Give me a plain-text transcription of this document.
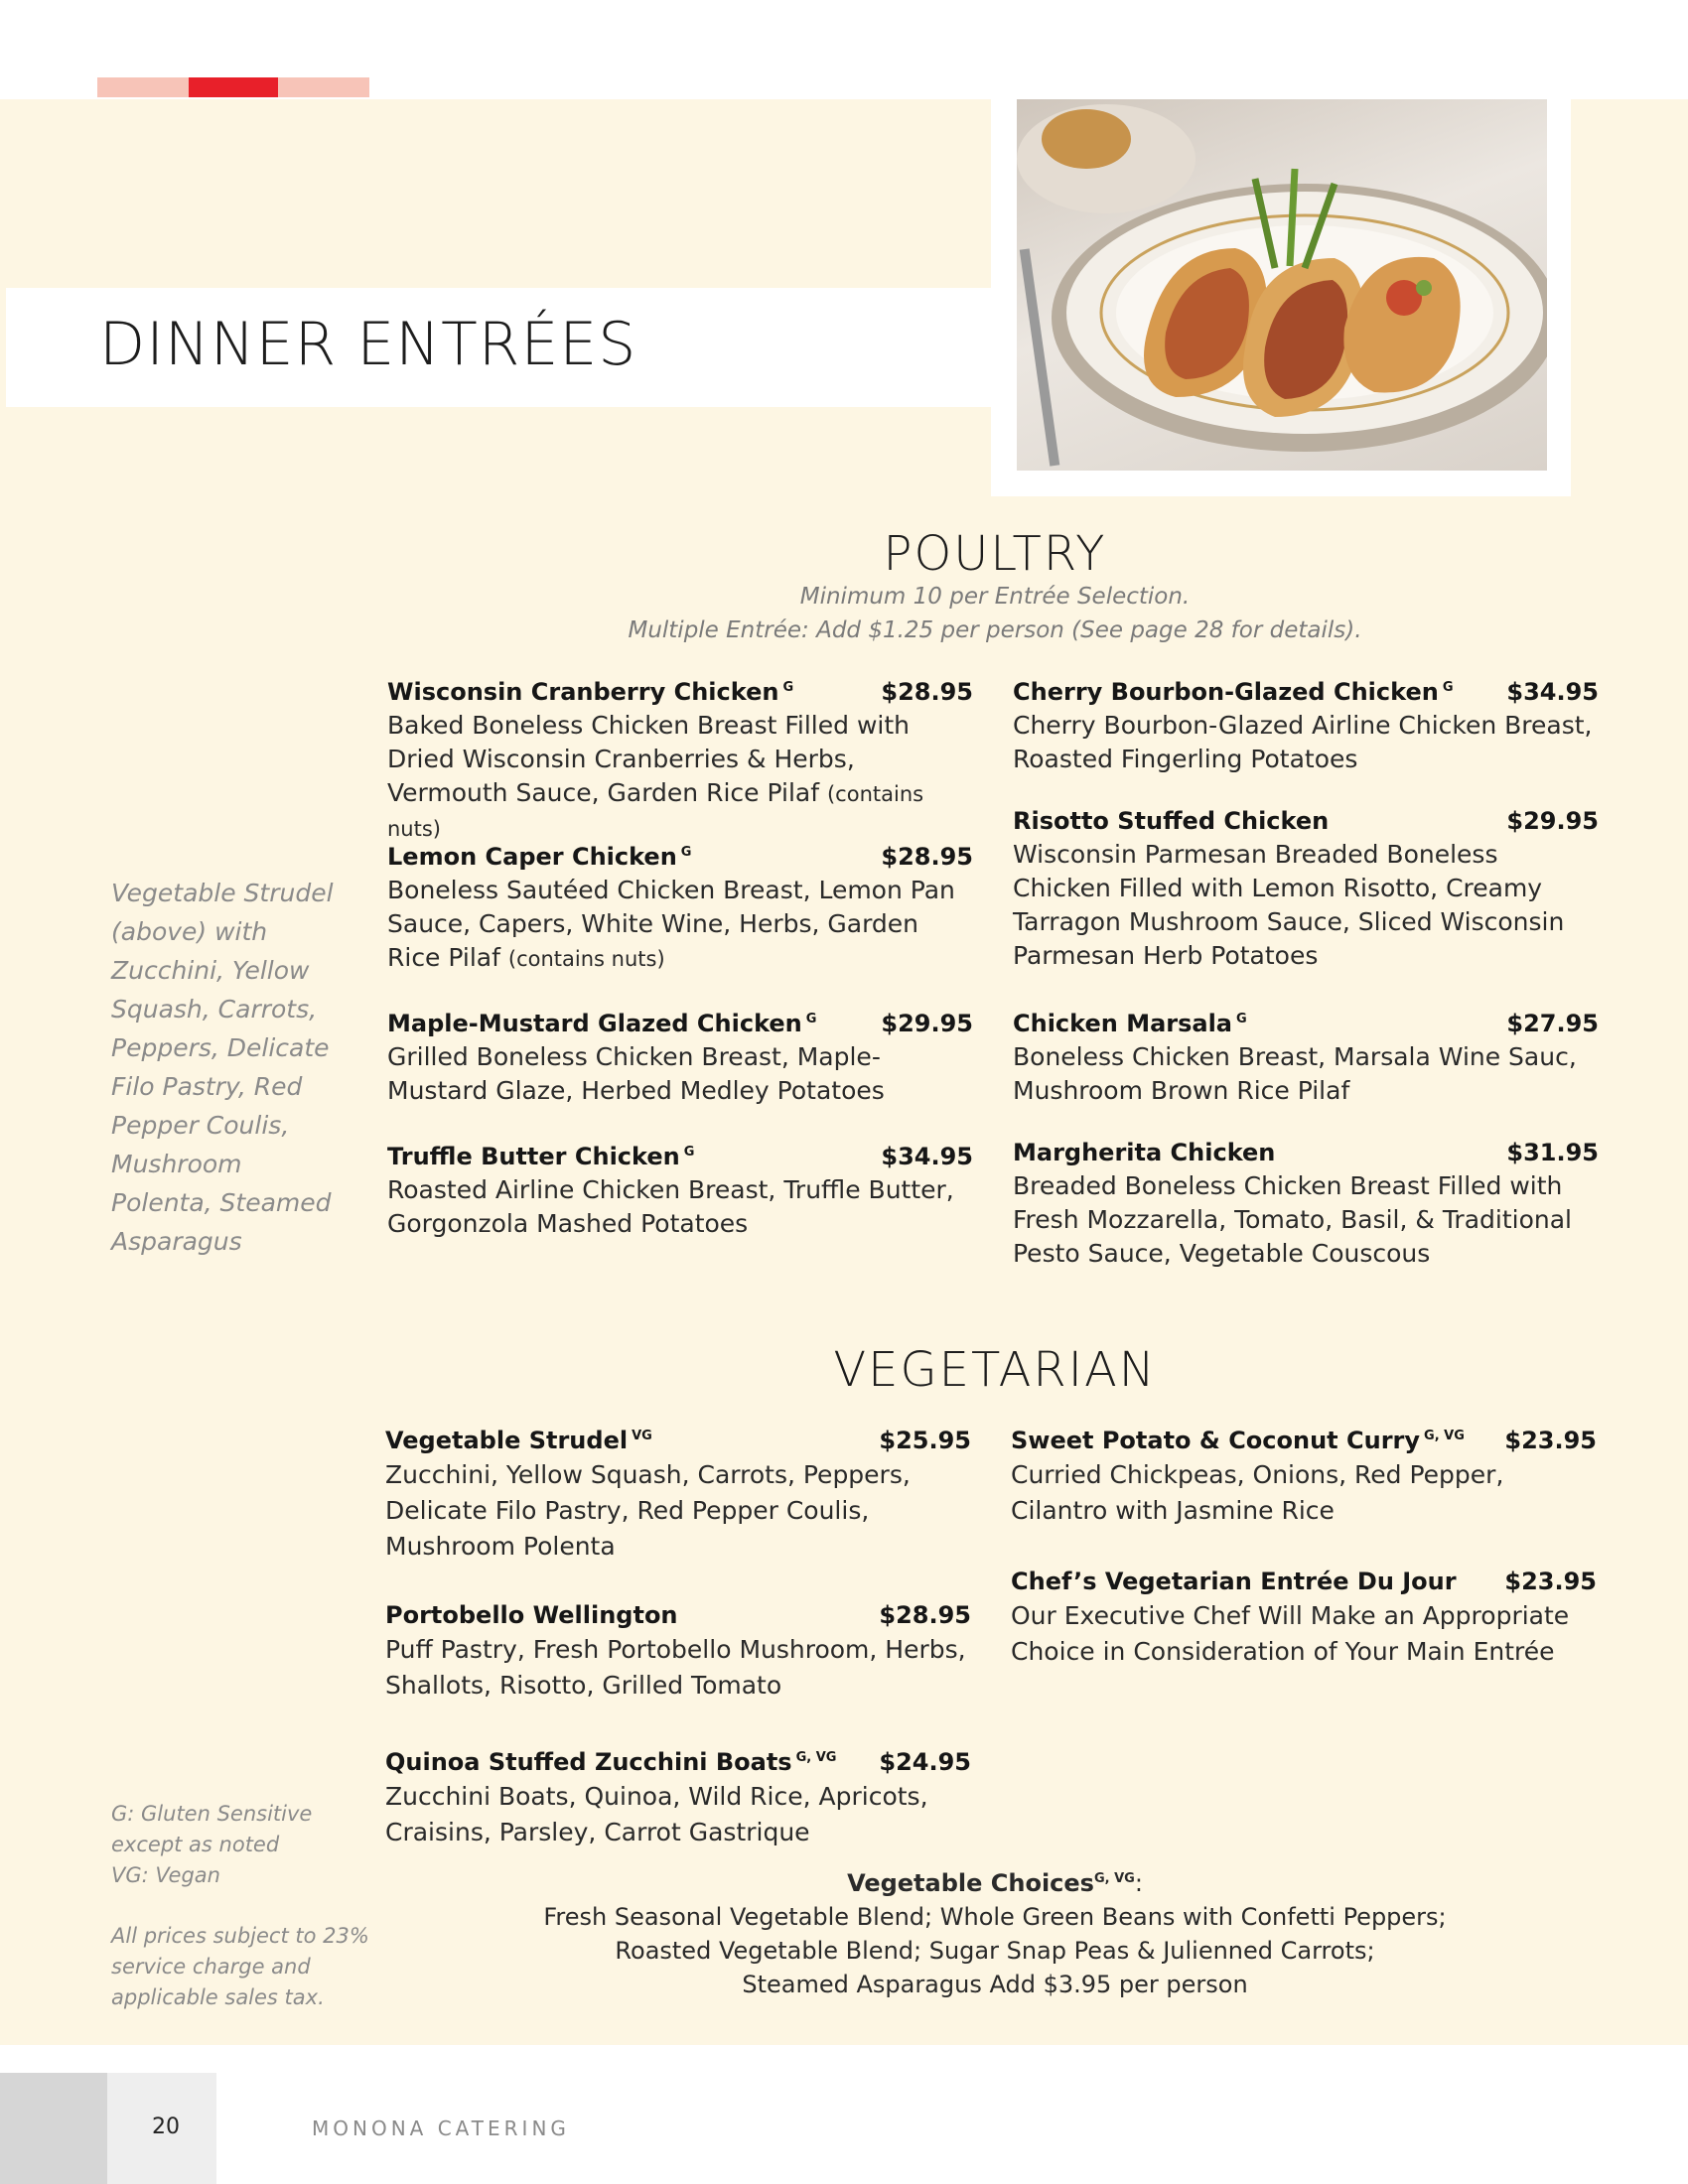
DINNER ENTRÉES
POULTRY
Minimum 10 per Entrée Selection.
Multiple Entrée: Add $1.25 per person (See page 28 for details).
Wisconsin Cranberry Chicken $^G$	$28.95
Baked Boneless Chicken Breast Filled with Dried Wisconsin Cranberries & Herbs, Vermouth Sauce, Garden Rice Pilaf (contains nuts)
Lemon Caper Chicken $^G$	$28.95
Boneless Sautéed Chicken Breast, Lemon Pan Sauce, Capers, White Wine, Herbs, Garden Rice Pilaf (contains nuts)
Maple-Mustard Glazed Chicken $^G$	$29.95
Grilled Boneless Chicken Breast, Maple-Mustard Glaze, Herbed Medley Potatoes
Truffle Butter Chicken $^G$	$34.95
Roasted Airline Chicken Breast, Truffle Butter, Gorgonzola Mashed Potatoes
Cherry Bourbon-Glazed Chicken $^G$ $34.95
Cherry Bourbon-Glazed Airline Chicken Breast, Roasted Fingerling Potatoes
Risotto Stuffed Chicken	$29.95
Wisconsin Parmesan Breaded Boneless Chicken Filled with Lemon Risotto, Creamy Tarragon Mushroom Sauce, Sliced Wisconsin Parmesan Herb Potatoes
Chicken Marsala $^G$	$27.95
Boneless Chicken Breast, Marsala Wine Sauc, Mushroom Brown Rice Pilaf
Margherita Chicken	$31.95
Breaded Boneless Chicken Breast Filled with Fresh Mozzarella, Tomato, Basil, & Traditional Pesto Sauce, Vegetable Couscous
Vegetable Strudel (above) with Zucchini, Yellow Squash, Carrots, Peppers, Delicate Filo Pastry, Red Pepper Coulis, Mushroom Polenta, Steamed Asparagus
VEGETARIAN
Vegetable Strudel $^{VG}$	$25.95
Zucchini, Yellow Squash, Carrots, Peppers, Delicate Filo Pastry, Red Pepper Coulis, Mushroom Polenta
Portobello Wellington	$28.95
Puff Pastry, Fresh Portobello Mushroom, Herbs, Shallots, Risotto, Grilled Tomato
Quinoa Stuffed Zucchini Boats $^{G, VG}$ $24.95
Zucchini Boats, Quinoa, Wild Rice, Apricots, Craisins, Parsley, Carrot Gastrique
Sweet Potato & Coconut Curry $^{G, VG}$ $23.95
Curried Chickpeas, Onions, Red Pepper, Cilantro with Jasmine Rice
Chef’s Vegetarian Entrée Du Jour $23.95
Our Executive Chef Will Make an Appropriate Choice in Consideration of Your Main Entrée
Vegetable Choices$^{G, VG}$:
Fresh Seasonal Vegetable Blend; Whole Green Beans with Confetti Peppers;
Roasted Vegetable Blend; Sugar Snap Peas & Julienned Carrots;
Steamed Asparagus Add $3.95 per person
G: Gluten Sensitive
except as noted
VG: Vegan
All prices subject to 23% service charge and applicable sales tax.
20	MONONA CATERING
